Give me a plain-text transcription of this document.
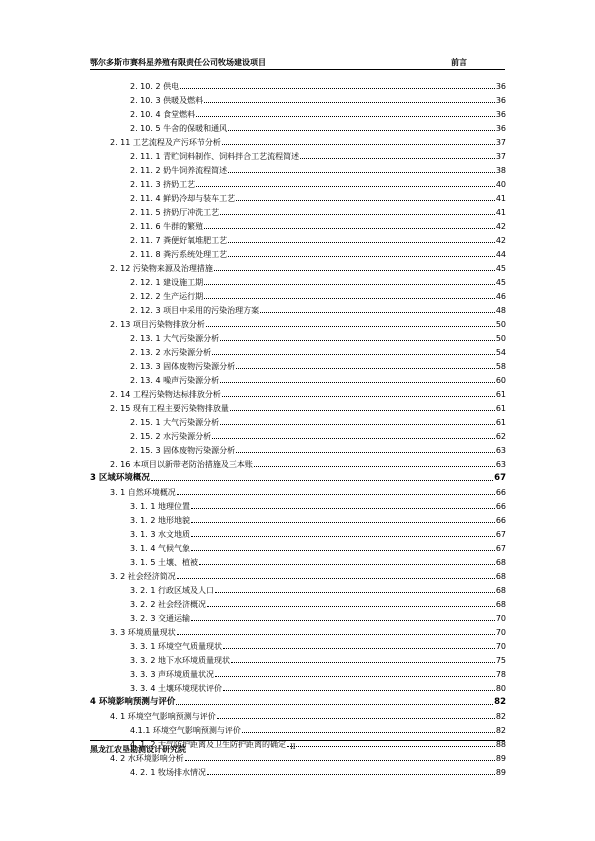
鄂尔多斯市赛科星养殖有限责任公司牧场建设项目	前言
2. 10. 2 供电	36
2. 10. 3 供暖及燃料	36
2. 10. 4 食堂燃料	36
2. 10. 5 牛舍的保暖和通风	36
2. 11 工艺流程及产污环节分析	37
2. 11. 1 青贮饲料制作、饲料拌合工艺流程简述	37
2. 11. 2 奶牛饲养流程简述	38
2. 11. 3 挤奶工艺	40
2. 11. 4 鲜奶冷却与装车工艺	41
2. 11. 5 挤奶厅冲洗工艺	41
2. 11. 6 牛群的繁殖	42
2. 11. 7 粪便好氧堆肥工艺	42
2. 11. 8 粪污系统处理工艺	44
2. 12 污染物来源及治理措施	45
2. 12. 1 建设施工期	45
2. 12. 2 生产运行期	46
2. 12. 3 项目中采用的污染治理方案	48
2. 13 项目污染物排放分析	50
2. 13. 1 大气污染源分析	50
2. 13. 2 水污染源分析	54
2. 13. 3 固体废物污染源分析	58
2. 13. 4 噪声污染源分析	60
2. 14 工程污染物达标排放分析	61
2. 15 现有工程主要污染物排放量	61
2. 15. 1 大气污染源分析	61
2. 15. 2 水污染源分析	62
2. 15. 3 固体废物污染源分析	63
2. 16 本项目以新带老防治措施及三本账	63
3 区域环境概况	67
3. 1 自然环境概况	66
3. 1. 1 地理位置	66
3. 1. 2 地形地貌	66
3. 1. 3 水文地质	67
3. 1. 4 气候气象	67
3. 1. 5 土壤、植被	68
3. 2 社会经济简况	68
3. 2. 1 行政区域及人口	68
3. 2. 2 社会经济概况	68
3. 2. 3 交通运输	70
3. 3 环境质量现状	70
3. 3. 1 环境空气质量现状	70
3. 3. 2 地下水环境质量现状	75
3. 3. 3 声环境质量状况	78
3. 3. 4 土壤环境现状评价	80
4 环境影响预测与评价	82
4. 1 环境空气影响预测与评价	82
4.1.1 环境空气影响预测与评价	82
4. 1. 2 大气防护距离及卫生防护距离的确定	88
4. 2 水环境影响分析	89
4. 2. 1 牧场排水情况	89
黑龙江农垦勘测设计研究院	II
